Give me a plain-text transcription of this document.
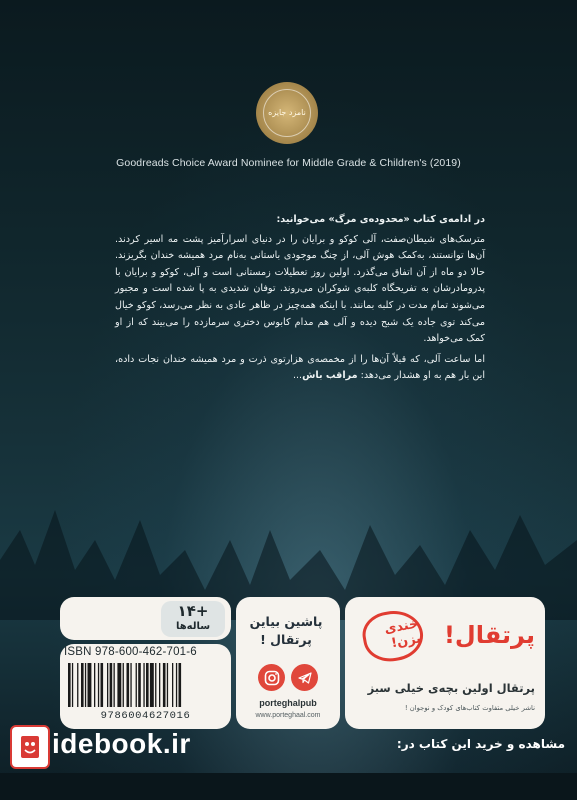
نامزد جایزه
Goodreads Choice Award Nominee for Middle Grade & Children's (2019)
در ادامه‌ی کتاب «محدوده‌ی مرگ» می‌خوانید:

مترسک‌های شیطان‌صفت، آلی کوکو و برایان را در دنیای اسرارآمیز پشت مه اسیر کردند. آن‌ها توانستند، به‌کمک هوش آلی، از چنگ موجودی باستانی به‌نام مرد همیشه خندان بگریزند. حالا دو ماه از آن اتفاق می‌گذرد. اولین روز تعطیلات زمستانی است و آلی، کوکو و برایان با پدرومادرشان به تفریحگاه کلبه‌ی شوکران می‌روند. توفان شدیدی به پا شده است و مجبور می‌شوند تمام مدت در کلبه بمانند. با اینکه همه‌چیز در ظاهر عادی به نظر می‌رسد، کوکو خیال می‌کند توی جاده یک شبح دیده و آلی هم مدام کابوس دختری سرمازده را می‌بیند که از او کمک می‌خواهد.

اما ساعت آلی، که قبلاً آن‌ها را از مخمصه‌ی هزارتوی ذرت و مرد همیشه خندان نجات داده، این بار هم به او هشدار می‌دهد: مراقب باش...

پرتقال!
خندی بزن!
پرتقال اولین بچه‌ی خیلی سبز
ناشر خیلی متفاوت کتاب‌های کودک و نوجوان !
پاشین بیاین
پرتقال !
porteghalpub
www.porteghaal.com
+۱۴
ساله‌ها
ISBN 978-600-462-701-6
9786004627016
idebook.ir	مشاهده و خرید این کتاب در:
